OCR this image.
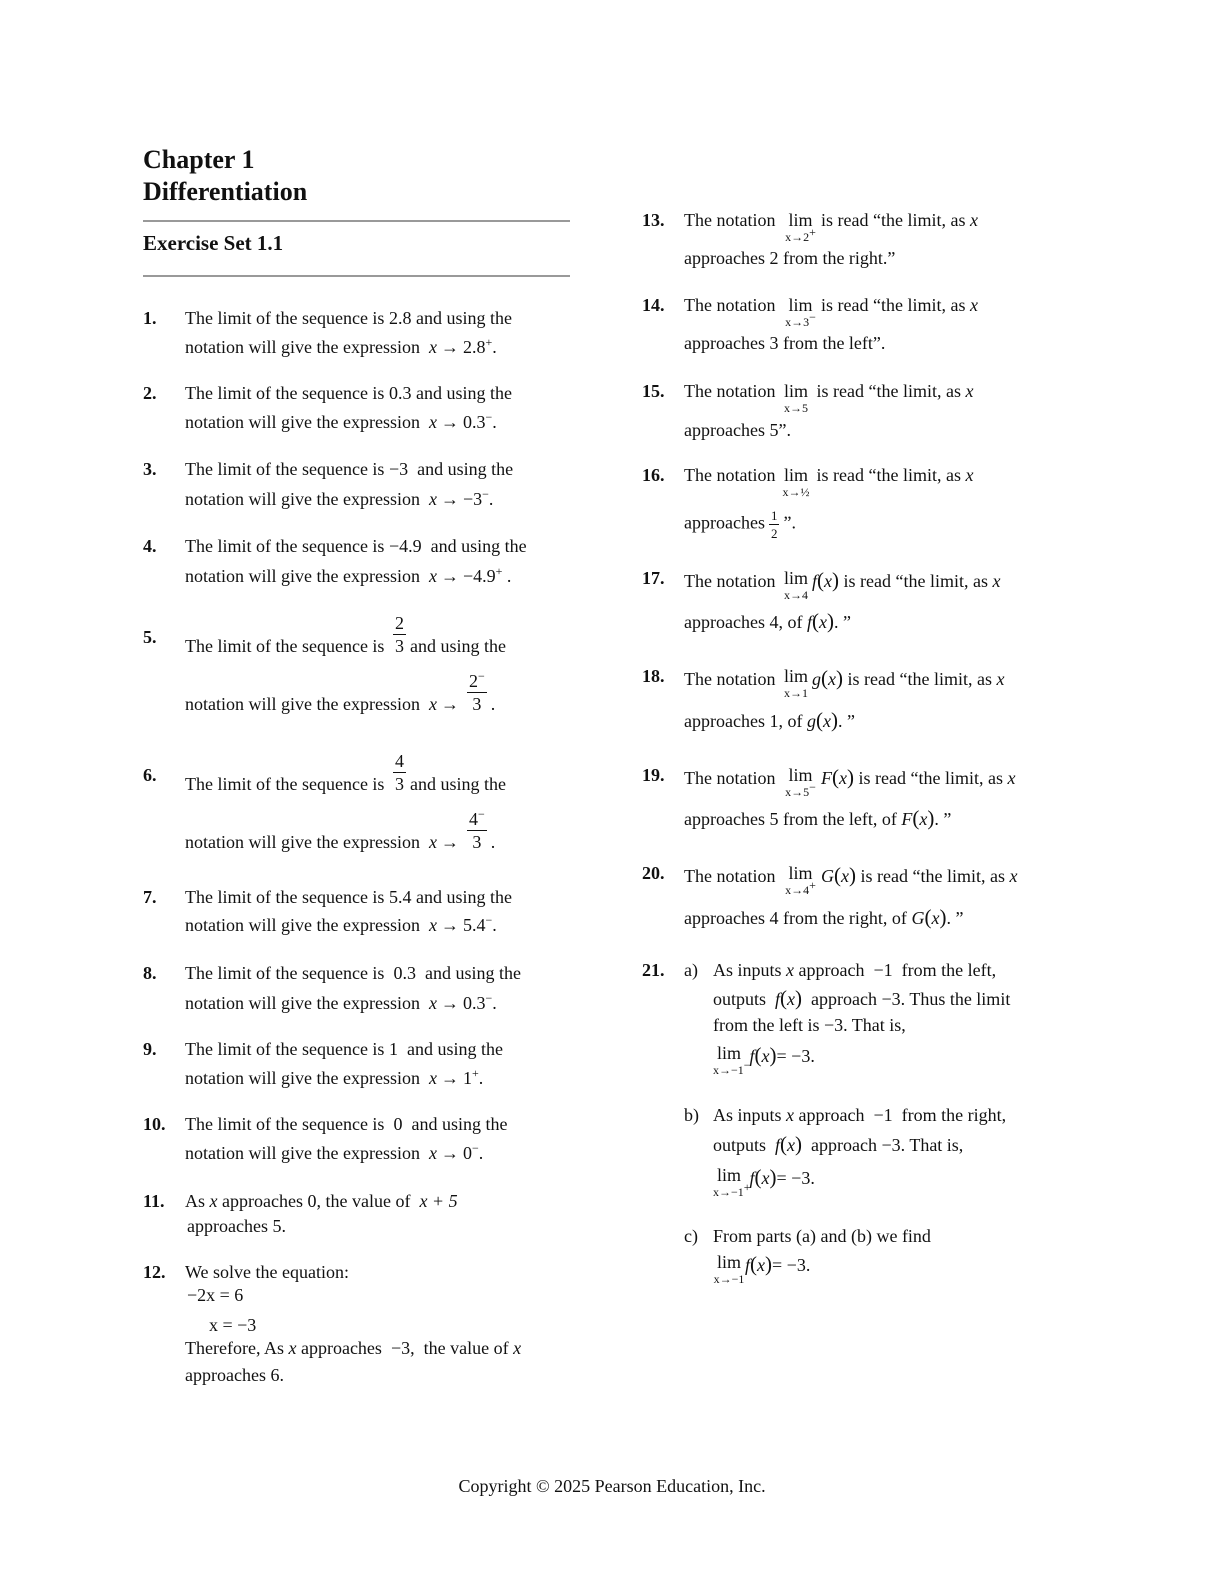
Chapter 1
Differentiation
Exercise Set 1.1
1. The limit of the sequence is 2.8 and using the
notation will give the expression x → 2.8+.
2. The limit of the sequence is 0.3 and using the
notation will give the expression x → 0.3−.
3. The limit of the sequence is −3 and using the
notation will give the expression x → −3−.
4. The limit of the sequence is −4.9 and using the
notation will give the expression x → −4.9+ .
5. The limit of the sequence is $\frac{2}{3}$ and using the
notation will give the expression $x \to \frac{2^-}{3}$ .
6. The limit of the sequence is $\frac{4}{3}$ and using the
notation will give the expression $x \to \frac{4^-}{3}$ .
7. The limit of the sequence is 5.4 and using the
notation will give the expression x → 5.4−.
8. The limit of the sequence is 0.3 and using the
notation will give the expression x → 0.3−.
9. The limit of the sequence is 1 and using the
notation will give the expression x → 1+.
10. The limit of the sequence is 0 and using the
notation will give the expression x → 0−.
11. As x approaches 0, the value of x + 5
approaches 5.
12. We solve the equation:
−2x = 6
x = −3
Therefore, As x approaches −3, the value of x
approaches 6.
13. The notation lim
x→2+
is read “the limit, as x
approaches 2 from the right.”
14. The notation lim
x→3−
is read “the limit, as x
approaches 3 from the left”.
15. The notation lim
x→5
is read “the limit, as x
approaches 5”.
16. The notation lim
x→½
is read “the limit, as x
approaches $\frac{1}{2}$ ”.
17. The notation lim
x→4
f(x) is read “the limit, as x
approaches 4, of f(x). ”
18. The notation lim
x→1
g(x) is read “the limit, as x
approaches 1, of g(x). ”
19. The notation lim
x→5− F(x) is read “the limit, as x
approaches 5 from the left, of F(x). ”
20. The notation lim
x→4+ G(x) is read “the limit, as x
approaches 4 from the right, of G(x). ”
21. a) As inputs x approach −1 from the left,
outputs f(x) approach −3. Thus the limit
from the left is −3. That is,
lim
x→−1−
f(x)= −3.
b) As inputs x approach −1 from the right,
outputs f(x) approach −3. That is,
lim
x→−1+
f(x)= −3.
c) From parts (a) and (b) we find
lim
x→−1
f(x)= −3.
Copyright © 2025 Pearson Education, Inc.
